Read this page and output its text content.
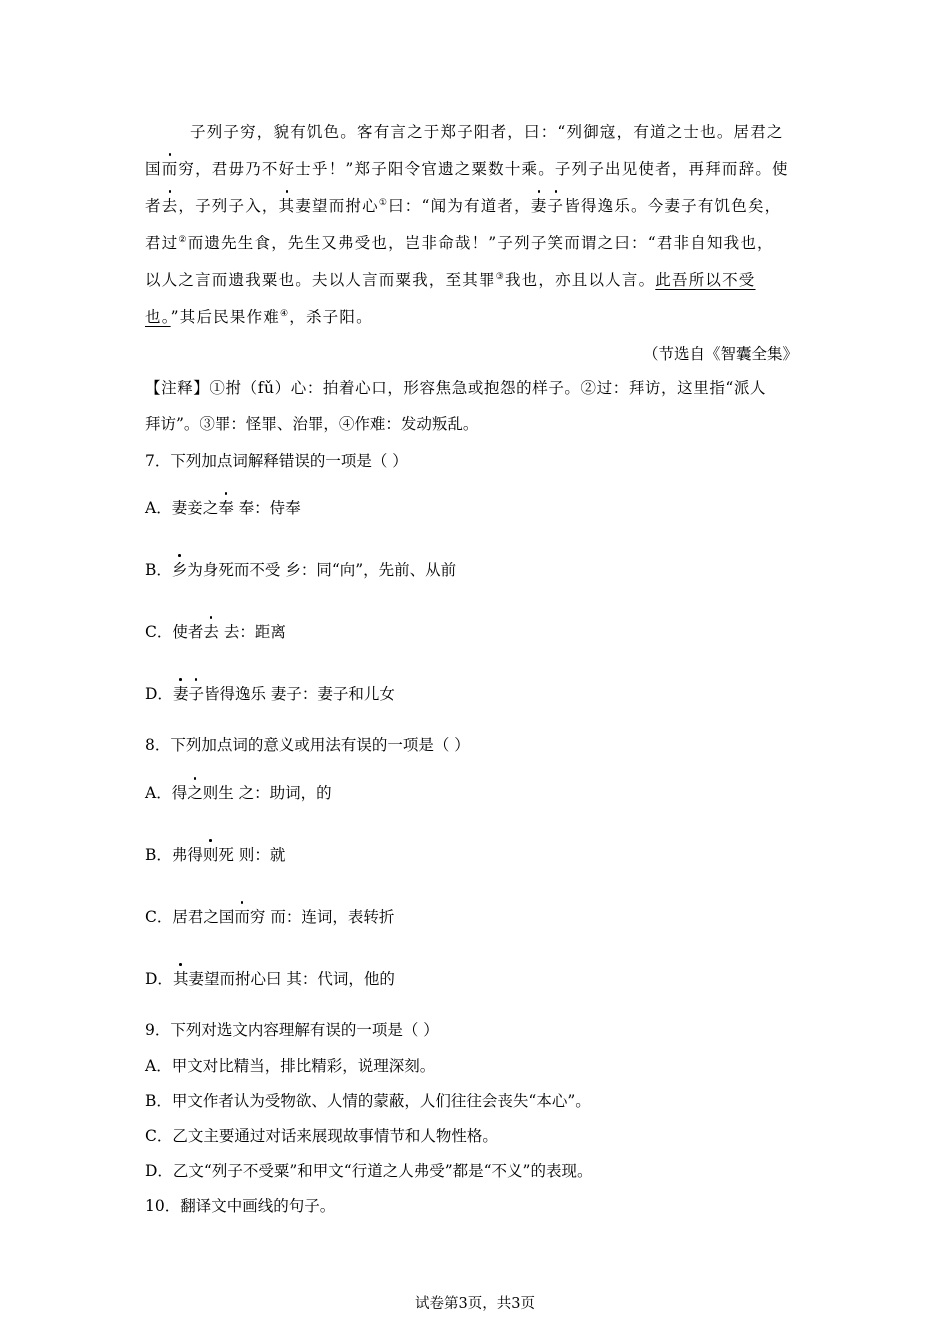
子列子穷，貌有饥色。客有言之于郑子阳者，曰：“列御寇，有道之士也。居君之
国而穷，君毋乃不好士乎！”郑子阳令官遗之粟数十乘。子列子出见使者，再拜而辞。使
者去，子列子入，其妻望而拊心①曰：“闻为有道者，妻子皆得逸乐。今妻子有饥色矣，
君过②而遗先生食，先生又弗受也，岂非命哉！”子列子笑而谓之曰：“君非自知我也，
以人之言而遗我粟也。夫以人言而粟我，至其罪③我也，亦且以人言。此吾所以不受
也。”其后民果作难④，杀子阳。
（节选自《智囊全集》
【注释】①拊（fǔ）心：拍着心口，形容焦急或抱怨的样子。②过：拜访，这里指“派人
拜访”。③罪：怪罪、治罪，④作难：发动叛乱。
7．下列加点词解释错误的一项是（ ）
A．妻妾之奉 奉：侍奉
B．乡为身死而不受 乡：同“向”，先前、从前
C．使者去 去：距离
D．妻子皆得逸乐 妻子：妻子和儿女
8．下列加点词的意义或用法有误的一项是（ ）
A．得之则生 之：助词，的
B．弗得则死 则：就
C．居君之国而穷 而：连词，表转折
D．其妻望而拊心曰 其：代词，他的
9．下列对选文内容理解有误的一项是（ ）
A．甲文对比精当，排比精彩，说理深刻。
B．甲文作者认为受物欲、人情的蒙蔽，人们往往会丧失“本心”。
C．乙文主要通过对话来展现故事情节和人物性格。
D．乙文“列子不受粟”和甲文“行道之人弗受”都是“不义”的表现。
10．翻译文中画线的句子。
试卷第3页，共3页
